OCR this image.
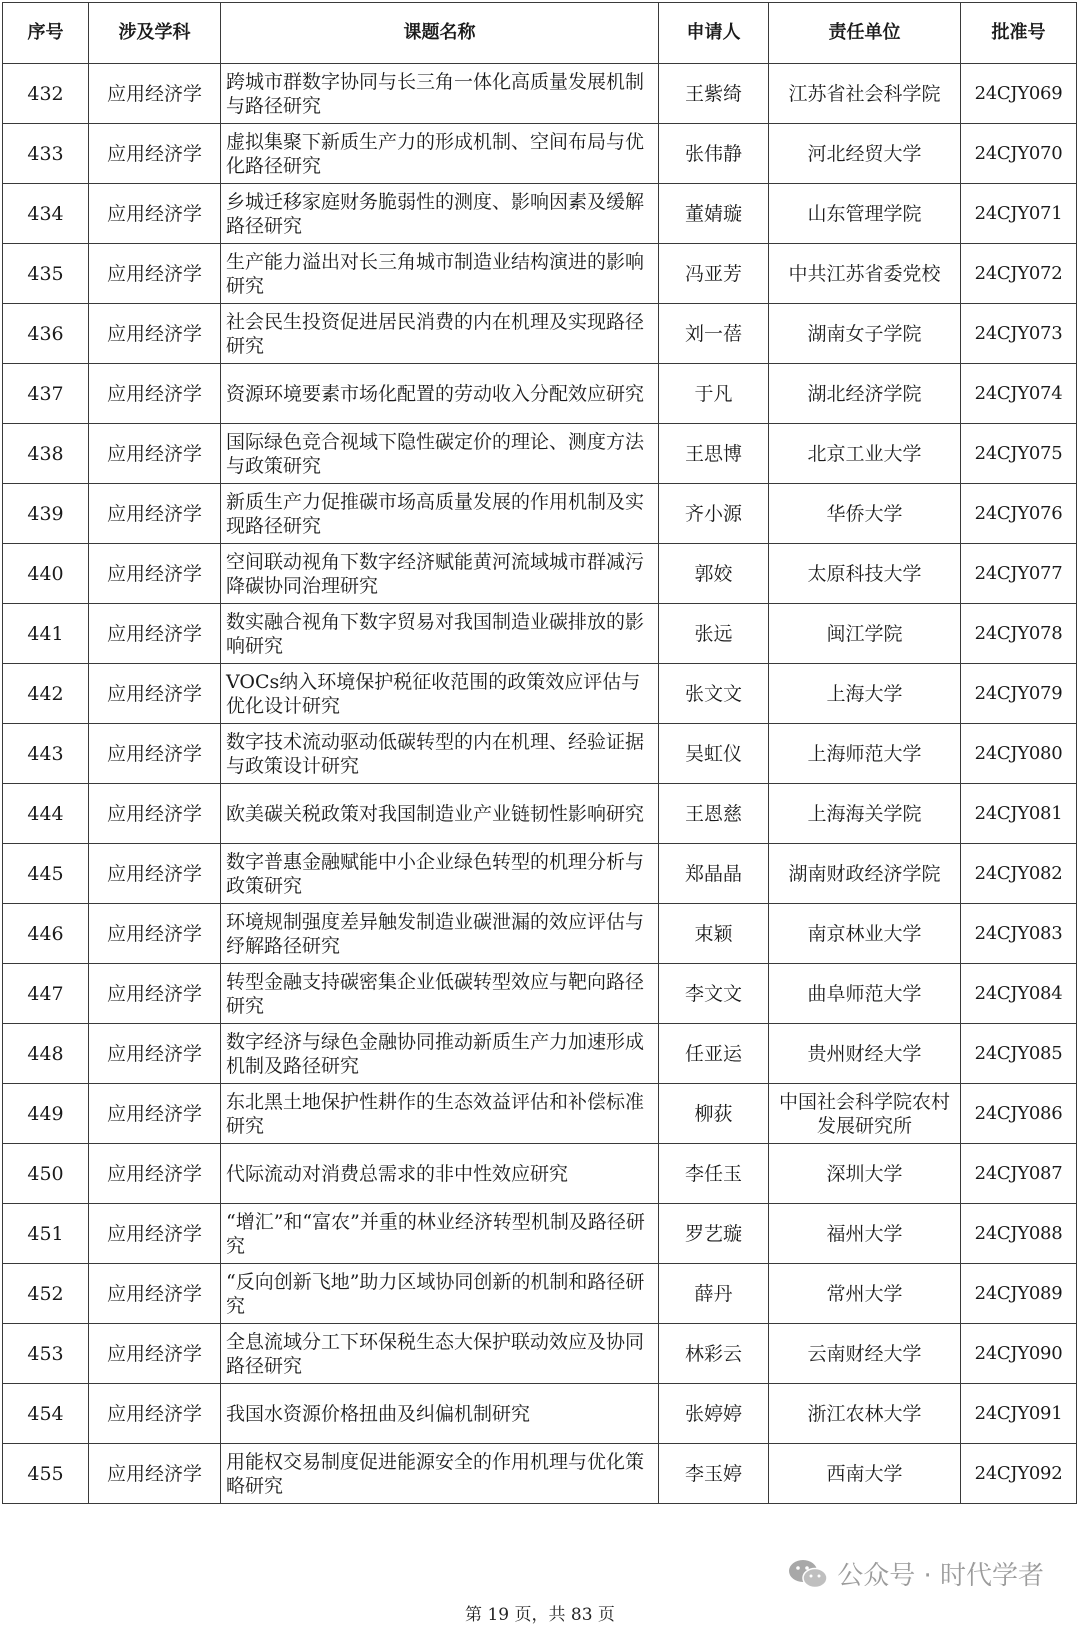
序号	涉及学科	课题名称	申请人	责任单位	批准号
432	应用经济学	跨城市群数字协同与长三角一体化高质量发展机制与路径研究	王紫绮	江苏省社会科学院	24CJY069
433	应用经济学	虚拟集聚下新质生产力的形成机制、空间布局与优化路径研究	张伟静	河北经贸大学	24CJY070
434	应用经济学	乡城迁移家庭财务脆弱性的测度、影响因素及缓解路径研究	董婧璇	山东管理学院	24CJY071
435	应用经济学	生产能力溢出对长三角城市制造业结构演进的影响研究	冯亚芳	中共江苏省委党校	24CJY072
436	应用经济学	社会民生投资促进居民消费的内在机理及实现路径研究	刘一蓓	湖南女子学院	24CJY073
437	应用经济学	资源环境要素市场化配置的劳动收入分配效应研究	于凡	湖北经济学院	24CJY074
438	应用经济学	国际绿色竞合视域下隐性碳定价的理论、测度方法与政策研究	王思博	北京工业大学	24CJY075
439	应用经济学	新质生产力促推碳市场高质量发展的作用机制及实现路径研究	齐小源	华侨大学	24CJY076
440	应用经济学	空间联动视角下数字经济赋能黄河流域城市群减污降碳协同治理研究	郭姣	太原科技大学	24CJY077
441	应用经济学	数实融合视角下数字贸易对我国制造业碳排放的影响研究	张远	闽江学院	24CJY078
442	应用经济学	VOCs纳入环境保护税征收范围的政策效应评估与优化设计研究	张文文	上海大学	24CJY079
443	应用经济学	数字技术流动驱动低碳转型的内在机理、经验证据与政策设计研究	吴虹仪	上海师范大学	24CJY080
444	应用经济学	欧美碳关税政策对我国制造业产业链韧性影响研究	王恩慈	上海海关学院	24CJY081
445	应用经济学	数字普惠金融赋能中小企业绿色转型的机理分析与政策研究	郑晶晶	湖南财政经济学院	24CJY082
446	应用经济学	环境规制强度差异触发制造业碳泄漏的效应评估与纾解路径研究	束颖	南京林业大学	24CJY083
447	应用经济学	转型金融支持碳密集企业低碳转型效应与靶向路径研究	李文文	曲阜师范大学	24CJY084
448	应用经济学	数字经济与绿色金融协同推动新质生产力加速形成机制及路径研究	任亚运	贵州财经大学	24CJY085
449	应用经济学	东北黑土地保护性耕作的生态效益评估和补偿标准研究	柳荻	中国社会科学院农村发展研究所	24CJY086
450	应用经济学	代际流动对消费总需求的非中性效应研究	李任玉	深圳大学	24CJY087
451	应用经济学	“增汇”和“富农”并重的林业经济转型机制及路径研究	罗艺璇	福州大学	24CJY088
452	应用经济学	“反向创新飞地”助力区域协同创新的机制和路径研究	薛丹	常州大学	24CJY089
453	应用经济学	全息流域分工下环保税生态大保护联动效应及协同路径研究	林彩云	云南财经大学	24CJY090
454	应用经济学	我国水资源价格扭曲及纠偏机制研究	张婷婷	浙江农林大学	24CJY091
455	应用经济学	用能权交易制度促进能源安全的作用机理与优化策略研究	李玉婷	西南大学	24CJY092
公众号 · 时代学者
第 19 页，共 83 页
